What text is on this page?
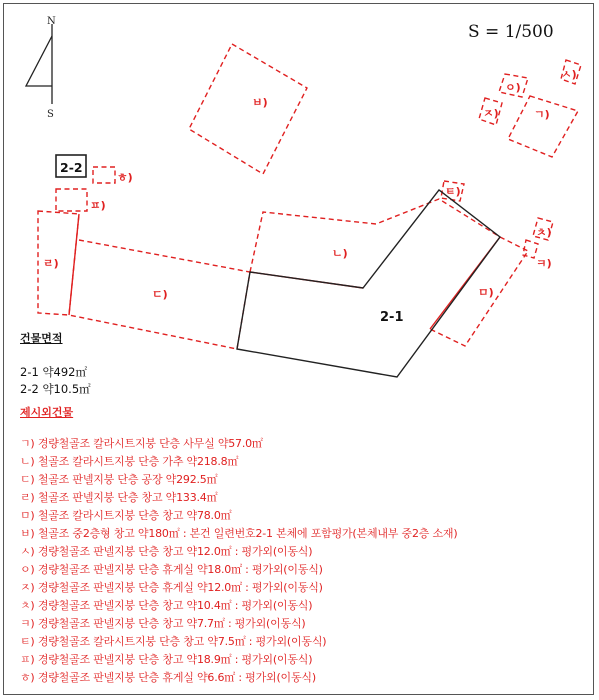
N
S
ㅂ)
ㄱ)
ㅅ)
ㅇ)
ㅈ)
2-2
ㅎ)
ㅍ)
ㄹ)
ㄷ)
ㄴ)
ㅁ)
ㅌ)
ㅊ)
ㅋ)
2-1
S = 1/500
건물면적
2-1 약492㎡
2-2 약10.5㎡
제시외건물
ㄱ) 경량철골조 칼라시트지붕 단층 사무실 약57.0㎡
ㄴ) 철골조 칼라시트지붕 단층 가추 약218.8㎡
ㄷ) 철골조 판넬지붕 단층 공장 약292.5㎡
ㄹ) 철골조 판넬지붕 단층 창고 약133.4㎡
ㅁ) 철골조 칼라시트지붕 단층 창고 약78.0㎡
ㅂ) 철골조 중2층형 창고 약180㎡ : 본건 일련번호2-1 본체에 포함평가(본체내부 중2층 소재)
ㅅ) 경량철골조 판넬지붕 단층 창고 약12.0㎡ : 평가외(이동식)
ㅇ) 경량철골조 판넬지붕 단층 휴게실 약18.0㎡ : 평가외(이동식)
ㅈ) 경량철골조 판넬지붕 단층 휴게실 약12.0㎡ : 평가외(이동식)
ㅊ) 경량철골조 판넬지붕 단층 창고 약10.4㎡ : 평가외(이동식)
ㅋ) 경량철골조 판넬지붕 단층 창고 약7.7㎡ : 평가외(이동식)
ㅌ) 경량철골조 칼라시트지붕 단층 창고 약7.5㎡ : 평가외(이동식)
ㅍ) 경량철골조 판넬지붕 단층 창고 약18.9㎡ : 평가외(이동식)
ㅎ) 경량철골조 판넬지붕 단층 휴게실 약6.6㎡ : 평가외(이동식)
